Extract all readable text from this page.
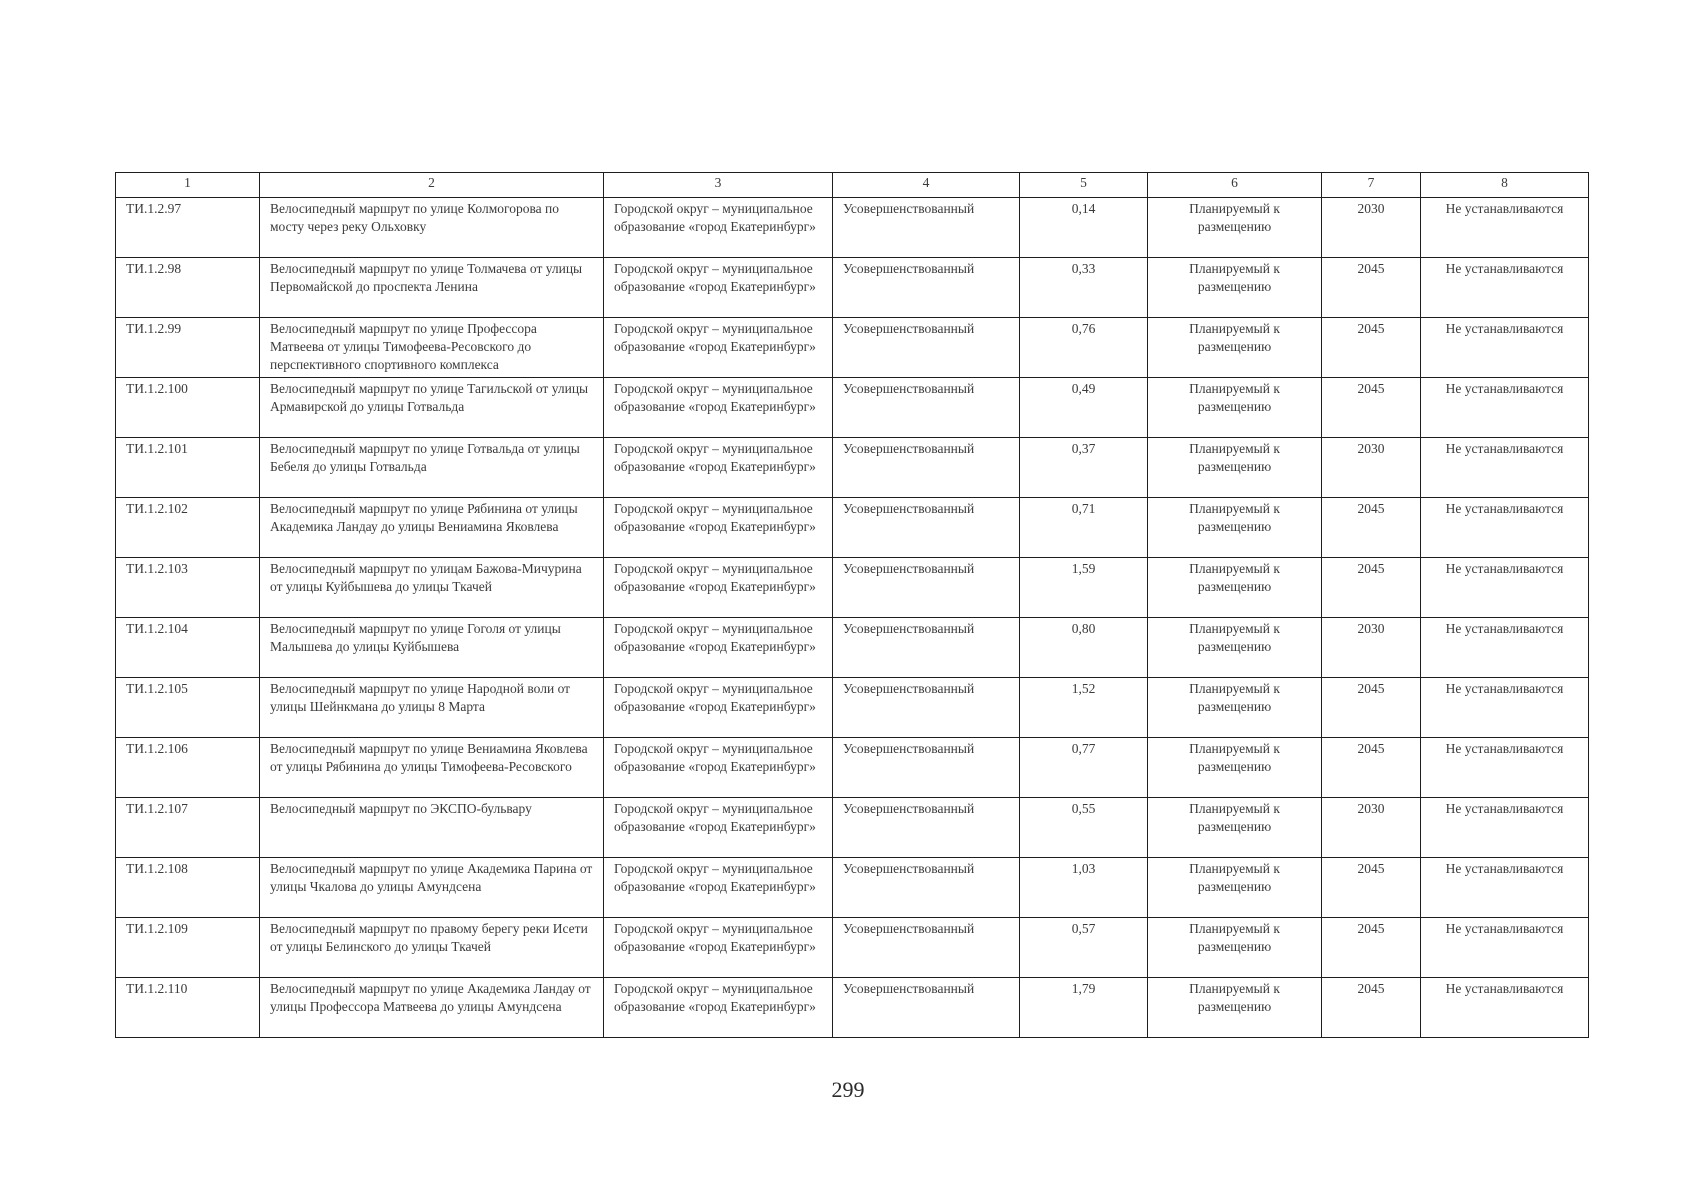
1	2	3	4	5	6	7	8
ТИ.1.2.97	Велосипедный маршрут по улице Колмогорова по мосту через реку Ольховку	Городской округ – муниципальное образование «город Екатеринбург»	Усовершенствованный	0,14	Планируемый к размещению	2030	Не устанавливаются
ТИ.1.2.98	Велосипедный маршрут по улице Толмачева от улицы Первомайской до проспекта Ленина	Городской округ – муниципальное образование «город Екатеринбург»	Усовершенствованный	0,33	Планируемый к размещению	2045	Не устанавливаются
ТИ.1.2.99	Велосипедный маршрут по улице Профессора Матвеева от улицы Тимофеева-Ресовского до перспективного спортивного комплекса	Городской округ – муниципальное образование «город Екатеринбург»	Усовершенствованный	0,76	Планируемый к размещению	2045	Не устанавливаются
ТИ.1.2.100	Велосипедный маршрут по улице Тагильской от улицы Армавирской до улицы Готвальда	Городской округ – муниципальное образование «город Екатеринбург»	Усовершенствованный	0,49	Планируемый к размещению	2045	Не устанавливаются
ТИ.1.2.101	Велосипедный маршрут по улице Готвальда от улицы Бебеля до улицы Готвальда	Городской округ – муниципальное образование «город Екатеринбург»	Усовершенствованный	0,37	Планируемый к размещению	2030	Не устанавливаются
ТИ.1.2.102	Велосипедный маршрут по улице Рябинина от улицы Академика Ландау до улицы Вениамина Яковлева	Городской округ – муниципальное образование «город Екатеринбург»	Усовершенствованный	0,71	Планируемый к размещению	2045	Не устанавливаются
ТИ.1.2.103	Велосипедный маршрут по улицам Бажова-Мичурина от улицы Куйбышева до улицы Ткачей	Городской округ – муниципальное образование «город Екатеринбург»	Усовершенствованный	1,59	Планируемый к размещению	2045	Не устанавливаются
ТИ.1.2.104	Велосипедный маршрут по улице Гоголя от улицы Малышева до улицы Куйбышева	Городской округ – муниципальное образование «город Екатеринбург»	Усовершенствованный	0,80	Планируемый к размещению	2030	Не устанавливаются
ТИ.1.2.105	Велосипедный маршрут по улице Народной воли от улицы Шейнкмана до улицы 8 Марта	Городской округ – муниципальное образование «город Екатеринбург»	Усовершенствованный	1,52	Планируемый к размещению	2045	Не устанавливаются
ТИ.1.2.106	Велосипедный маршрут по улице Вениамина Яковлева от улицы Рябинина до улицы Тимофеева-Ресовского	Городской округ – муниципальное образование «город Екатеринбург»	Усовершенствованный	0,77	Планируемый к размещению	2045	Не устанавливаются
ТИ.1.2.107	Велосипедный маршрут по ЭКСПО-бульвару	Городской округ – муниципальное образование «город Екатеринбург»	Усовершенствованный	0,55	Планируемый к размещению	2030	Не устанавливаются
ТИ.1.2.108	Велосипедный маршрут по улице Академика Парина от улицы Чкалова до улицы Амундсена	Городской округ – муниципальное образование «город Екатеринбург»	Усовершенствованный	1,03	Планируемый к размещению	2045	Не устанавливаются
ТИ.1.2.109	Велосипедный маршрут по правому берегу реки Исети от улицы Белинского до улицы Ткачей	Городской округ – муниципальное образование «город Екатеринбург»	Усовершенствованный	0,57	Планируемый к размещению	2045	Не устанавливаются
ТИ.1.2.110	Велосипедный маршрут по улице Академика Ландау от улицы Профессора Матвеева до улицы Амундсена	Городской округ – муниципальное образование «город Екатеринбург»	Усовершенствованный	1,79	Планируемый к размещению	2045	Не устанавливаются
299
